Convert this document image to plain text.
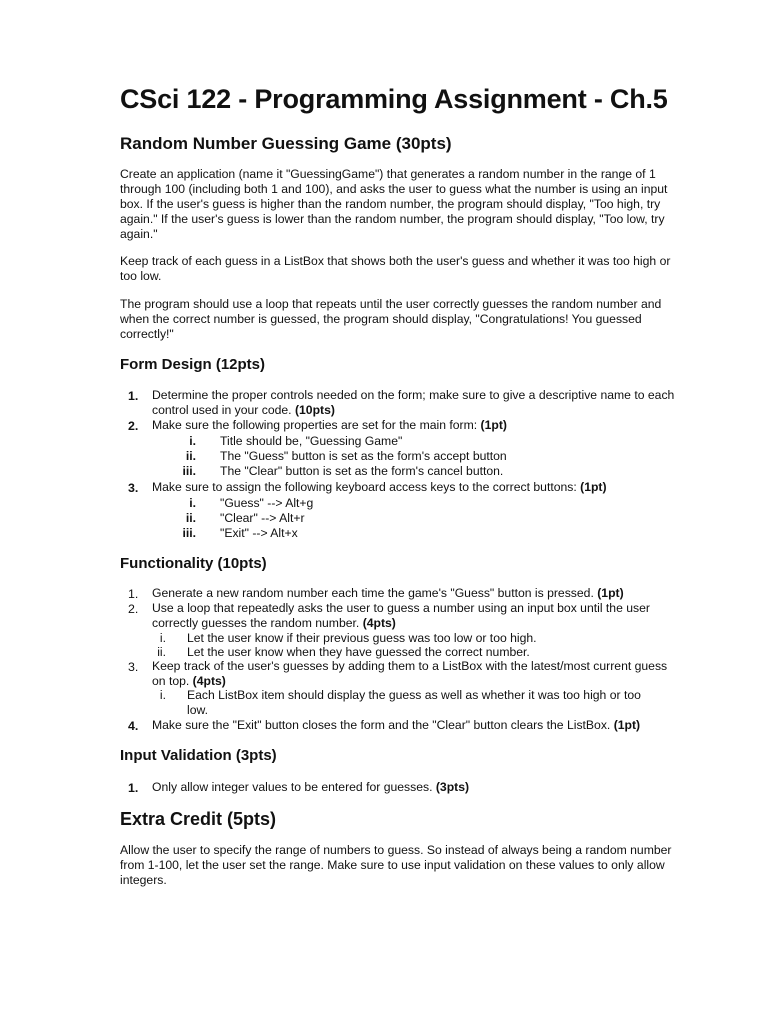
CSci 122 - Programming Assignment - Ch.5
Random Number Guessing Game (30pts)

Create an application (name it "GuessingGame") that generates a random number in the range of 1 through 100 (including both 1 and 100), and asks the user to guess what the number is using an input box. If the user's guess is higher than the random number, the program should display, "Too high, try again." If the user's guess is lower than the random number, the program should display, "Too low, try again."

Keep track of each guess in a ListBox that shows both the user's guess and whether it was too high or too low.

The program should use a loop that repeats until the user correctly guesses the random number and when the correct number is guessed, the program should display, "Congratulations! You guessed correctly!"

Form Design (12pts)
1.	Determine the proper controls needed on the form; make sure to give a descriptive name to each control used in your code. (10pts)
2.	Make sure the following properties are set for the main form: (1pt)
i. Title should be, "Guessing Game"
ii. The "Guess" button is set as the form's accept button
iii. The "Clear" button is set as the form's cancel button.
3.	Make sure to assign the following keyboard access keys to the correct buttons: (1pt)
i. "Guess" --> Alt+g
ii. "Clear" --> Alt+r
iii. "Exit" --> Alt+x
Functionality (10pts)
1.	Generate a new random number each time the game's "Guess" button is pressed. (1pt)
2.	Use a loop that repeatedly asks the user to guess a number using an input box until the user correctly guesses the random number. (4pts)
i. Let the user know if their previous guess was too low or too high.
ii. Let the user know when they have guessed the correct number.
3.	Keep track of the user's guesses by adding them to a ListBox with the latest/most current guess on top. (4pts)
i. Each ListBox item should display the guess as well as whether it was too high or too low.
4.	Make sure the "Exit" button closes the form and the "Clear" button clears the ListBox. (1pt)
Input Validation (3pts)
1.	Only allow integer values to be entered for guesses. (3pts)
Extra Credit (5pts)

Allow the user to specify the range of numbers to guess. So instead of always being a random number from 1-100, let the user set the range. Make sure to use input validation on these values to only allow integers.
